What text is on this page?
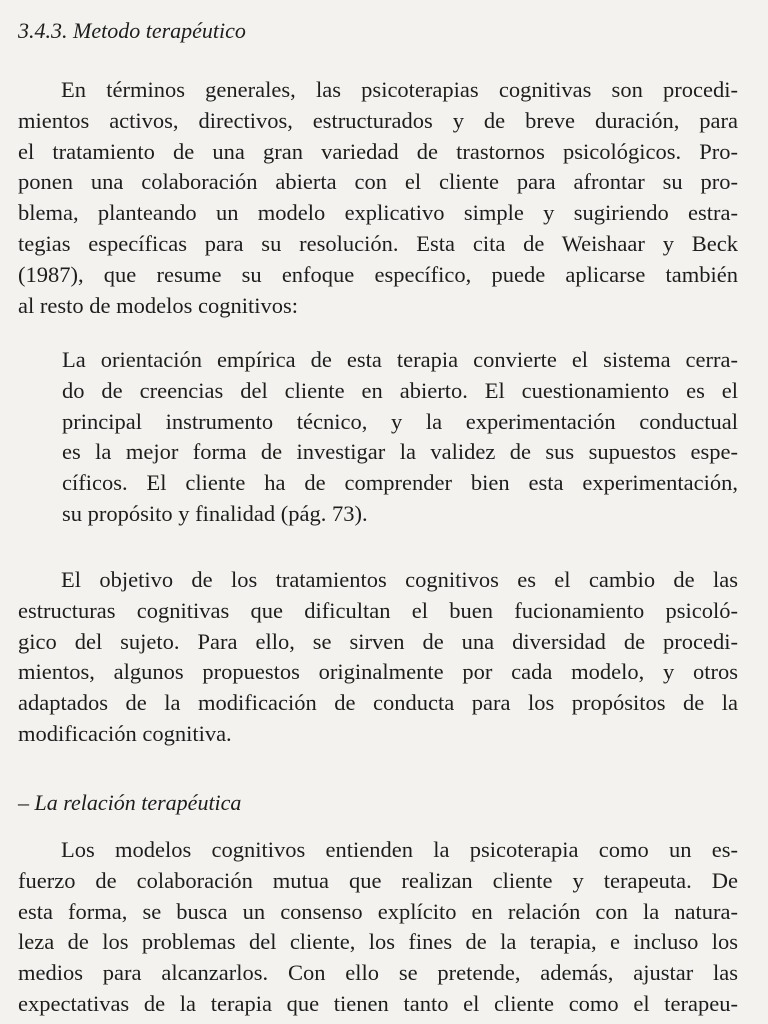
3.4.3. Metodo terapéutico
En términos generales, las psicoterapias cognitivas son procedi-
mientos activos, directivos, estructurados y de breve duración, para
el tratamiento de una gran variedad de trastornos psicológicos. Pro-
ponen una colaboración abierta con el cliente para afrontar su pro-
blema, planteando un modelo explicativo simple y sugiriendo estra-
tegias específicas para su resolución. Esta cita de Weishaar y Beck
(1987), que resume su enfoque específico, puede aplicarse también
al resto de modelos cognitivos:
La orientación empírica de esta terapia convierte el sistema cerra-
do de creencias del cliente en abierto. El cuestionamiento es el
principal instrumento técnico, y la experimentación conductual
es la mejor forma de investigar la validez de sus supuestos espe-
cíficos. El cliente ha de comprender bien esta experimentación,
su propósito y finalidad (pág. 73).
El objetivo de los tratamientos cognitivos es el cambio de las
estructuras cognitivas que dificultan el buen fucionamiento psicoló-
gico del sujeto. Para ello, se sirven de una diversidad de procedi-
mientos, algunos propuestos originalmente por cada modelo, y otros
adaptados de la modificación de conducta para los propósitos de la
modificación cognitiva.
– La relación terapéutica
Los modelos cognitivos entienden la psicoterapia como un es-
fuerzo de colaboración mutua que realizan cliente y terapeuta. De
esta forma, se busca un consenso explícito en relación con la natura-
leza de los problemas del cliente, los fines de la terapia, e incluso los
medios para alcanzarlos. Con ello se pretende, además, ajustar las
expectativas de la terapia que tienen tanto el cliente como el terapeu-
